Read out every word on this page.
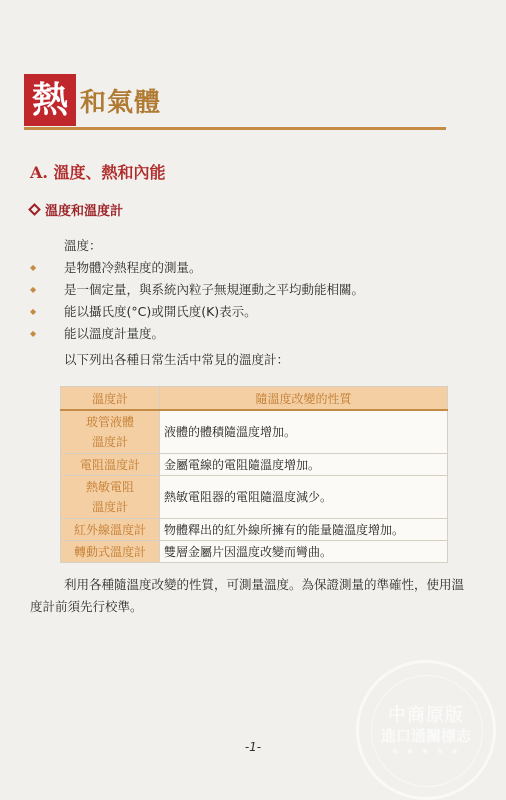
熱 和氣體
A. 溫度、熱和內能
溫度和溫度計
溫度：
◆	是物體冷熱程度的測量。
◆	是一個定量，與系統內粒子無規運動之平均動能相關。
◆	能以攝氏度(°C)或開氏度(K)表示。
◆	能以溫度計量度。
以下列出各種日常生活中常見的溫度計：
溫度計	隨溫度改變的性質

玻管液體
溫度計	液體的體積隨溫度增加。

電阻溫度計	金屬電線的電阻隨溫度增加。

熱敏電阻
溫度計	熱敏電阻器的電阻隨溫度減少。

紅外線溫度計	物體釋出的紅外線所擁有的能量隨溫度增加。

轉動式溫度計	雙層金屬片因溫度改變而彎曲。
利用各種隨溫度改變的性質，可測量溫度。為保證測量的準確性，使用溫度計前須先行校準。
-1-
中商原版
進口通關標志
★ ★ ★ ★ ★
